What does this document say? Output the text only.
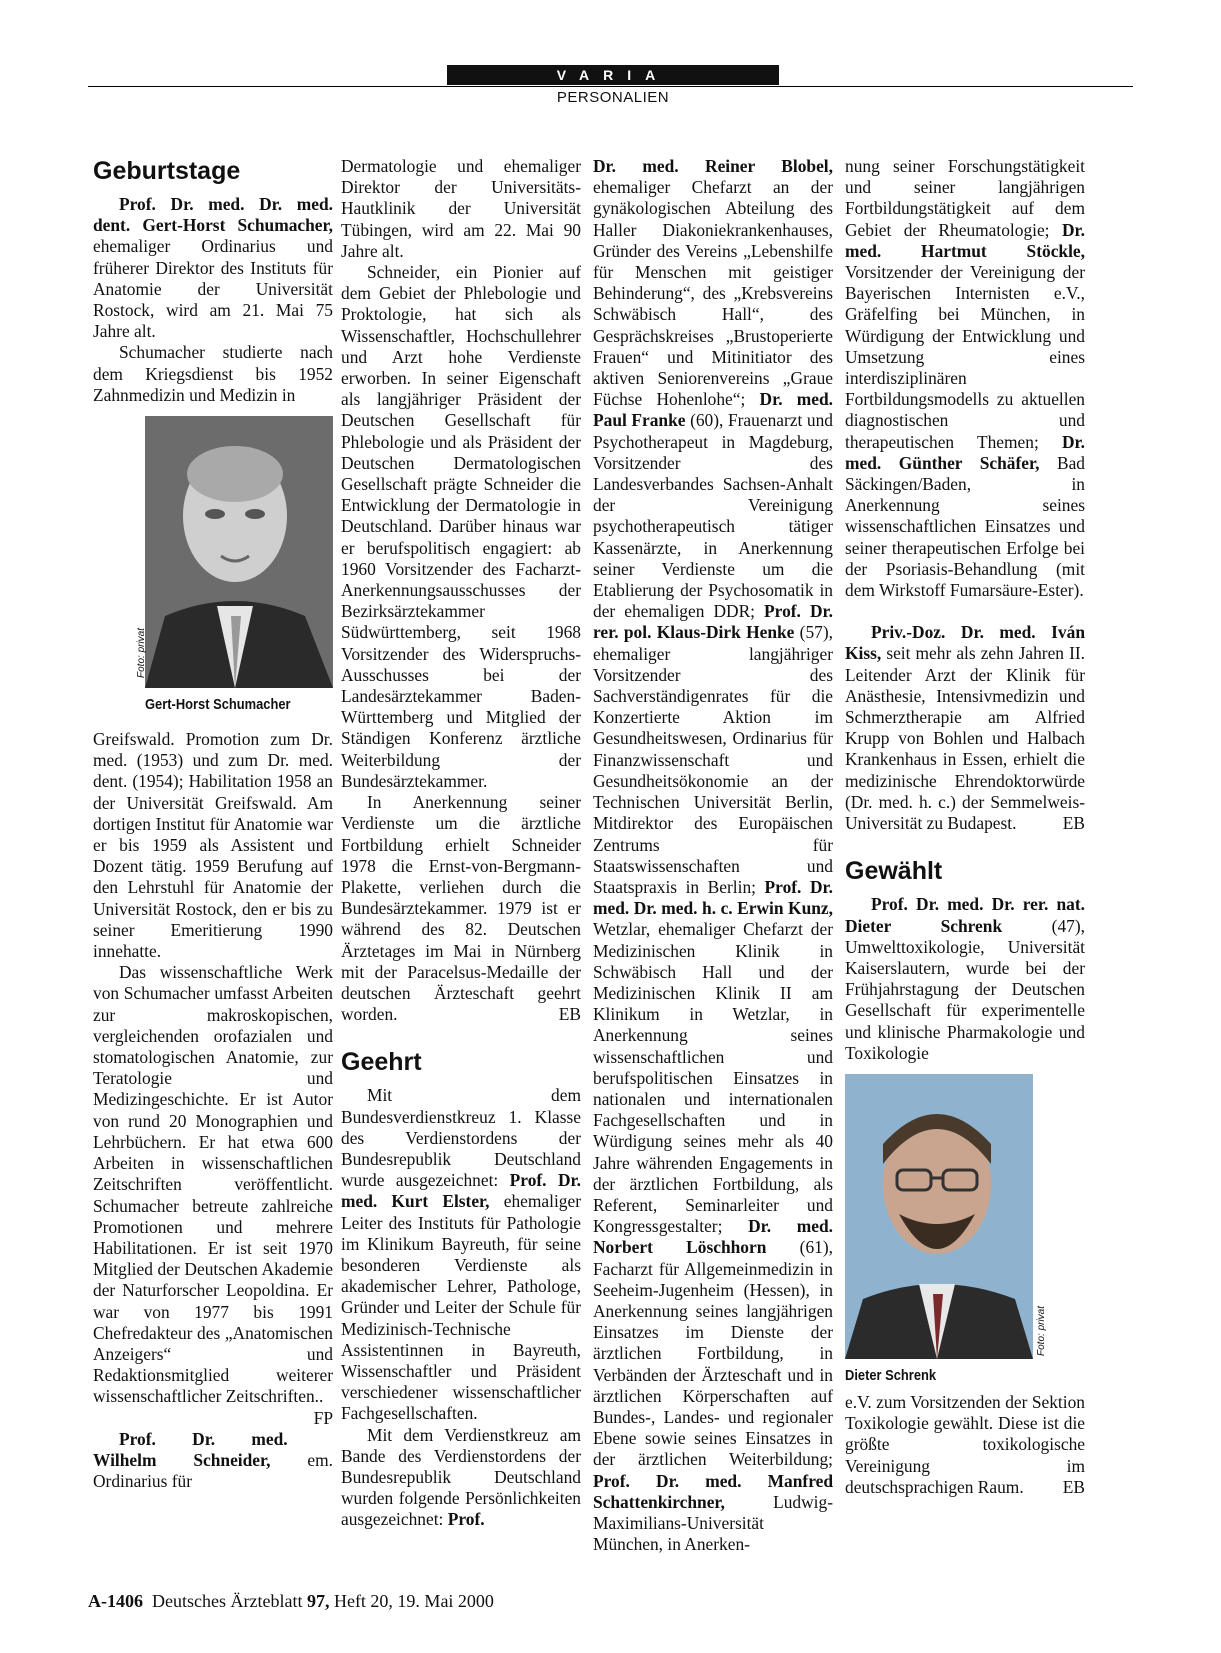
VARIA
PERSONALIEN
Geburtstage

Prof. Dr. med. Dr. med. dent. Gert-Horst Schumacher, ehemaliger Ordinarius und früherer Direktor des Instituts für Anatomie der Universität Rostock, wird am 21. Mai 75 Jahre alt.

Schumacher studierte nach dem Kriegsdienst bis 1952 Zahnmedizin und Medizin in

Foto: privat
Gert-Horst Schumacher

Greifswald. Promotion zum Dr. med. (1953) und zum Dr. med. dent. (1954); Habilitation 1958 an der Universität Greifswald. Am dortigen Institut für Anatomie war er bis 1959 als Assistent und Dozent tätig. 1959 Berufung auf den Lehrstuhl für Anatomie der Universität Rostock, den er bis zu seiner Emeritierung 1990 innehatte.

Das wissenschaftliche Werk von Schumacher umfasst Arbeiten zur makroskopischen, vergleichenden orofazialen und stomatologischen Anatomie, zur Teratologie und Medizingeschichte. Er ist Autor von rund 20 Monographien und Lehrbüchern. Er hat etwa 600 Arbeiten in wissenschaftlichen Zeitschriften veröffentlicht. Schumacher betreute zahlreiche Promotionen und mehrere Habilitationen. Er ist seit 1970 Mitglied der Deutschen Akademie der Naturforscher Leopoldina. Er war von 1977 bis 1991 Chefredakteur des „Anatomischen Anzeigers“ und Redaktionsmitglied weiterer wissenschaftlicher Zeitschriften..
FP

Prof. Dr. med. Wilhelm Schneider, em. Ordinarius für

Dermatologie und ehemaliger Direktor der Universitäts-Hautklinik der Universität Tübingen, wird am 22. Mai 90 Jahre alt.

Schneider, ein Pionier auf dem Gebiet der Phlebologie und Proktologie, hat sich als Wissenschaftler, Hochschullehrer und Arzt hohe Verdienste erworben. In seiner Eigenschaft als langjähriger Präsident der Deutschen Gesellschaft für Phlebologie und als Präsident der Deutschen Dermatologischen Gesellschaft prägte Schneider die Entwicklung der Dermatologie in Deutschland. Darüber hinaus war er berufspolitisch engagiert: ab 1960 Vorsitzender des Facharzt-Anerkennungsausschusses der Bezirksärztekammer Südwürttemberg, seit 1968 Vorsitzender des Widerspruchs-Ausschusses bei der Landesärztekammer Baden-Württemberg und Mitglied der Ständigen Konferenz ärztliche Weiterbildung der Bundesärztekammer.

In Anerkennung seiner Verdienste um die ärztliche Fortbildung erhielt Schneider 1978 die Ernst-von-Bergmann-Plakette, verliehen durch die Bundesärztekammer. 1979 ist er während des 82. Deutschen Ärztetages im Mai in Nürnberg mit der Paracelsus-Medaille der deutschen Ärzteschaft geehrt worden.	EB

Geehrt

Mit dem Bundesverdienstkreuz 1. Klasse des Verdienstordens der Bundesrepublik Deutschland wurde ausgezeichnet: Prof. Dr. med. Kurt Elster, ehemaliger Leiter des Instituts für Pathologie im Klinikum Bayreuth, für seine besonderen Verdienste als akademischer Lehrer, Pathologe, Gründer und Leiter der Schule für Medizinisch-Technische Assistentinnen in Bayreuth, Wissenschaftler und Präsident verschiedener wissenschaftlicher Fachgesellschaften.

Mit dem Verdienstkreuz am Bande des Verdienstordens der Bundesrepublik Deutschland wurden folgende Persönlichkeiten ausgezeichnet: Prof.

Dr. med. Reiner Blobel, ehemaliger Chefarzt an der gynäkologischen Abteilung des Haller Diakoniekrankenhauses, Gründer des Vereins „Lebenshilfe für Menschen mit geistiger Behinderung“, des „Krebsvereins Schwäbisch Hall“, des Gesprächskreises „Brustoperierte Frauen“ und Mitinitiator des aktiven Seniorenvereins „Graue Füchse Hohenlohe“; Dr. med. Paul Franke (60), Frauenarzt und Psychotherapeut in Magdeburg, Vorsitzender des Landesverbandes Sachsen-Anhalt der Vereinigung psychotherapeutisch tätiger Kassenärzte, in Anerkennung seiner Verdienste um die Etablierung der Psychosomatik in der ehemaligen DDR; Prof. Dr. rer. pol. Klaus-Dirk Henke (57), ehemaliger langjähriger Vorsitzender des Sachverständigenrates für die Konzertierte Aktion im Gesundheitswesen, Ordinarius für Finanzwissenschaft und Gesundheitsökonomie an der Technischen Universität Berlin, Mitdirektor des Europäischen Zentrums für Staatswissenschaften und Staatspraxis in Berlin; Prof. Dr. med. Dr. med. h. c. Erwin Kunz, Wetzlar, ehemaliger Chefarzt der Medizinischen Klinik in Schwäbisch Hall und der Medizinischen Klinik II am Klinikum in Wetzlar, in Anerkennung seines wissenschaftlichen und berufspolitischen Einsatzes in nationalen und internationalen Fachgesellschaften und in Würdigung seines mehr als 40 Jahre währenden Engagements in der ärztlichen Fortbildung, als Referent, Seminarleiter und Kongressgestalter; Dr. med. Norbert Löschhorn (61), Facharzt für Allgemeinmedizin in Seeheim-Jugenheim (Hessen), in Anerkennung seines langjährigen Einsatzes im Dienste der ärztlichen Fortbildung, in Verbänden der Ärzteschaft und in ärztlichen Körperschaften auf Bundes-, Landes- und regionaler Ebene sowie seines Einsatzes in der ärztlichen Weiterbildung; Prof. Dr. med. Manfred Schattenkirchner, Ludwig-Maximilians-Universität München, in Anerken-

nung seiner Forschungstätigkeit und seiner langjährigen Fortbildungstätigkeit auf dem Gebiet der Rheumatologie; Dr. med. Hartmut Stöckle, Vorsitzender der Vereinigung der Bayerischen Internisten e.V., Gräfelfing bei München, in Würdigung der Entwicklung und Umsetzung eines interdisziplinären Fortbildungsmodells zu aktuellen diagnostischen und therapeutischen Themen; Dr. med. Günther Schäfer, Bad Säckingen/Baden, in Anerkennung seines wissenschaftlichen Einsatzes und seiner therapeutischen Erfolge bei der Psoriasis-Behandlung (mit dem Wirkstoff Fumarsäure-Ester).

Priv.-Doz. Dr. med. Iván Kiss, seit mehr als zehn Jahren II. Leitender Arzt der Klinik für Anästhesie, Intensivmedizin und Schmerztherapie am Alfried Krupp von Bohlen und Halbach Krankenhaus in Essen, erhielt die medizinische Ehrendoktorwürde (Dr. med. h. c.) der Semmelweis-Universität zu Budapest.	EB

Gewählt

Prof. Dr. med. Dr. rer. nat. Dieter Schrenk (47), Umwelttoxikologie, Universität Kaiserslautern, wurde bei der Frühjahrstagung der Deutschen Gesellschaft für experimentelle und klinische Pharmakologie und Toxikologie

Foto: privat
Dieter Schrenk

e.V. zum Vorsitzenden der Sektion Toxikologie gewählt. Diese ist die größte toxikologische Vereinigung im deutschsprachigen Raum. EB

A-1406 Deutsches Ärzteblatt 97, Heft 20, 19. Mai 2000
